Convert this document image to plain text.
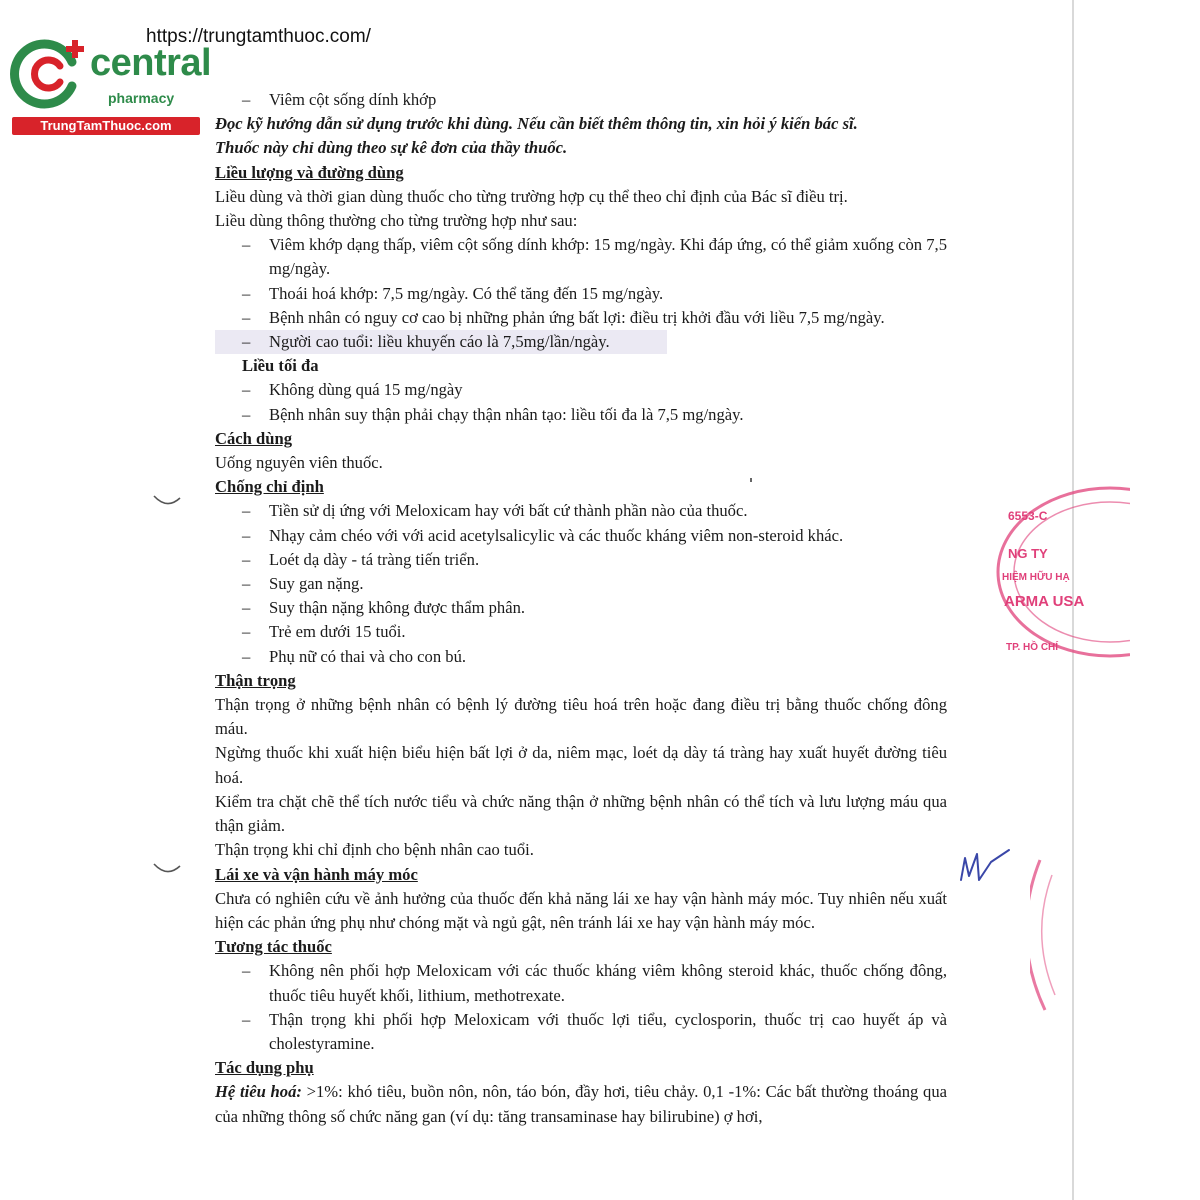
https://trungtamthuoc.com/
central
pharmacy
TrungTamThuoc.com
– Viêm cột sống dính khớp

Đọc kỹ hướng dẫn sử dụng trước khi dùng. Nếu cần biết thêm thông tin, xin hỏi ý kiến bác sĩ.

Thuốc này chỉ dùng theo sự kê đơn của thầy thuốc.

Liều lượng và đường dùng

Liều dùng và thời gian dùng thuốc cho từng trường hợp cụ thể theo chỉ định của Bác sĩ điều trị.

Liều dùng thông thường cho từng trường hợp như sau:

– Viêm khớp dạng thấp, viêm cột sống dính khớp: 15 mg/ngày. Khi đáp ứng, có thể giảm xuống còn 7,5 mg/ngày.
– Thoái hoá khớp: 7,5 mg/ngày. Có thể tăng đến 15 mg/ngày.
– Bệnh nhân có nguy cơ cao bị những phản ứng bất lợi: điều trị khởi đầu với liều 7,5 mg/ngày.
– Người cao tuổi: liều khuyến cáo là 7,5mg/lần/ngày.

Liều tối đa

– Không dùng quá 15 mg/ngày
– Bệnh nhân suy thận phải chạy thận nhân tạo: liều tối đa là 7,5 mg/ngày.

Cách dùng

Uống nguyên viên thuốc.

Chống chỉ định

– Tiền sử dị ứng với Meloxicam hay với bất cứ thành phần nào của thuốc.
– Nhạy cảm chéo với với acid acetylsalicylic và các thuốc kháng viêm non-steroid khác.
– Loét dạ dày - tá tràng tiến triển.
– Suy gan nặng.
– Suy thận nặng không được thẩm phân.
– Trẻ em dưới 15 tuổi.
– Phụ nữ có thai và cho con bú.

Thận trọng

Thận trọng ở những bệnh nhân có bệnh lý đường tiêu hoá trên hoặc đang điều trị bằng thuốc chống đông máu.

Ngừng thuốc khi xuất hiện biểu hiện bất lợi ở da, niêm mạc, loét dạ dày tá tràng hay xuất huyết đường tiêu hoá.

Kiểm tra chặt chẽ thể tích nước tiểu và chức năng thận ở những bệnh nhân có thể tích và lưu lượng máu qua thận giảm.

Thận trọng khi chỉ định cho bệnh nhân cao tuổi.

Lái xe và vận hành máy móc

Chưa có nghiên cứu về ảnh hưởng của thuốc đến khả năng lái xe hay vận hành máy móc. Tuy nhiên nếu xuất hiện các phản ứng phụ như chóng mặt và ngủ gật, nên tránh lái xe hay vận hành máy móc.

Tương tác thuốc

– Không nên phối hợp Meloxicam với các thuốc kháng viêm không steroid khác, thuốc chống đông, thuốc tiêu huyết khối, lithium, methotrexate.
– Thận trọng khi phối hợp Meloxicam với thuốc lợi tiểu, cyclosporin, thuốc trị cao huyết áp và cholestyramine.

Tác dụng phụ

Hệ tiêu hoá: >1%: khó tiêu, buồn nôn, nôn, táo bón, đầy hơi, tiêu chảy. 0,1 -1%: Các bất thường thoáng qua của những thông số chức năng gan (ví dụ: tăng transaminase hay bilirubine) ợ hơi,

6553-C
NG TY
HIỆM HỮU HẠ
ARMA USA
TP. HỒ CHÍ
